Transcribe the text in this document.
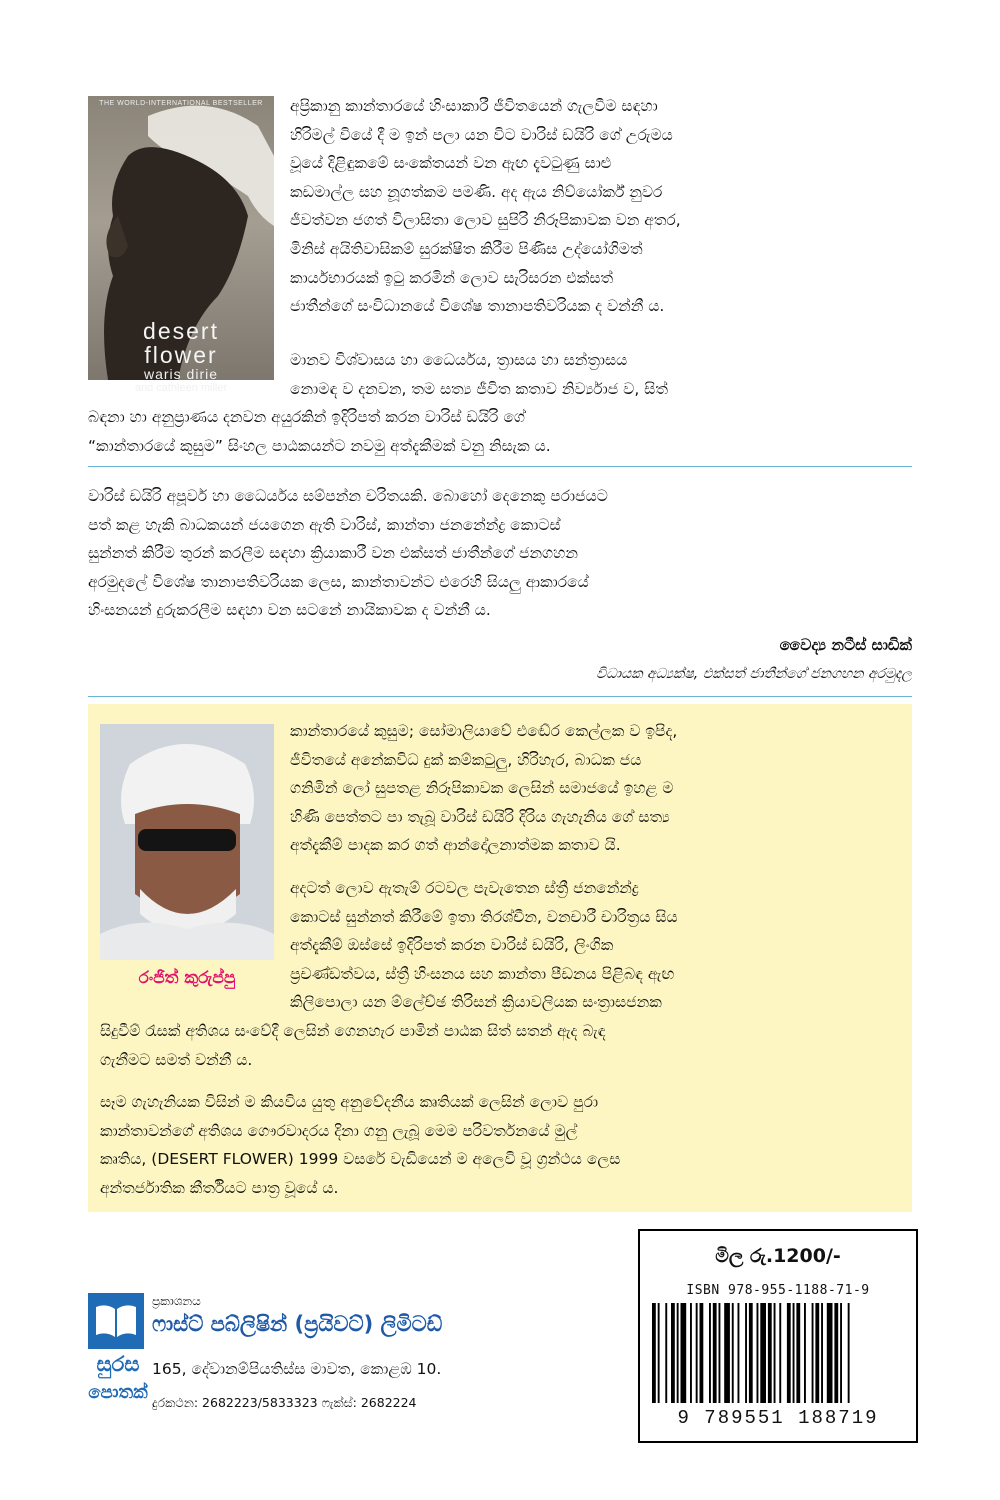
THE WORLD-INTERNATIONAL BESTSELLER
desert
flower
waris dirie
and cathleen miller
අප්‍රිකානු කාන්තාරයේ හිංසාකාරී ජීවිතයෙන් ගැලවීම සඳහා
හිරිමල් වියේ දී ම ඉන් පලා යන විට වාරිස් ඩයිරි ගේ උරුමය
වූයේ දිළිඳුකමේ සංකේතයන් වන ඇඟ දැවටුණු සාළු
කඩමාල්ල සහ නූගත්කම පමණි. අද ඇය නිව්යෝර්ක් නුවර
ජීවත්වන ජගත් විලාසිතා ලොව සුපිරි නිරූපිකාවක වන අතර,
මිනිස් අයිතිවාසිකම් සුරක්ෂිත කිරීම පිණිස උද්යෝගිමත්
කාර්යභාරයක් ඉටු කරමින් ලොව සැරිසරන එක්සත්
ජාතීන්ගේ සංවිධානයේ විශේෂ තානාපතිවරියක ද වන්නී ය.
මානව විශ්වාසය හා ධෛර්යය, ත්‍රාසය හා සන්ත්‍රාසය
නොමඳ ව දනවන, තම සත්‍ය ජීවිත කතාව නිර්ව්‍යාජ ව, සිත්
බඳනා හා අනුප්‍රාණය දනවන අයුරකින් ඉදිරිපත් කරන වාරිස් ඩයිරි ගේ
“කාන්තාරයේ කුසුම” සිංහල පාඨකයන්ට නවමු අත්දැකීමක් වනු නිසැක ය.
වාරිස් ඩයිරි අපූර්ව හා ධෛර්යය සම්පන්න චරිතයකි. බොහෝ දෙනෙකු පරාජයට
පත් කළ හැකි බාධකයන් ජයගෙන ඇති වාරිස්, කාන්තා ජනනේන්ද්‍ර කොටස්
සුන්නත් කිරීම තුරන් කරලීම සඳහා ක්‍රියාකාරී වන එක්සත් ජාතීන්ගේ ජනගහන
අරමුදලේ විශේෂ තානාපතිවරියක ලෙස, කාන්තාවන්ට එරෙහි සියලු ආකාරයේ
හිංසනයන් දුරුකරලීම සඳහා වන සටනේ නායිකාවක ද වන්නී ය.
වෛද්‍ය නටීස් සාඩික්
විධායක අධ්‍යක්ෂ, එක්සත් ජාතීන්ගේ ජනගහන අරමුදල
රංජිත් කුරුප්පු
කාන්තාරයේ කුසුම; සෝමාලියාවේ එඬේර කෙල්ලක ව ඉපිද,
ජීවිතයේ අනේකවිධ දුක් කම්කටුලු, හිරිහැර, බාධක ජය
ගනිමින් ලෝ සුපතළ නිරූපිකාවක ලෙසින් සමාජයේ ඉහළ ම
හිණි පෙත්තට පා තැබූ වාරිස් ඩයිරි දිරිය ගැහැනිය ගේ සත්‍ය
අත්දැකීම් පාදක කර ගත් ආන්දෝලනාත්මක කතාව යි.
අදටත් ලොව ඇතැම් රටවල පැවැතෙන ස්ත්‍රී ජනනේන්ද්‍ර
කොටස් සුන්නත් කිරීමේ ඉතා තිරශ්චීන, වනචාරී චාරිත්‍රය සිය
අත්දැකීම් ඔස්සේ ඉදිරිපත් කරන වාරිස් ඩයිරි, ලිංගික
ප්‍රචණ්ඩත්වය, ස්ත්‍රී හිංසනය සහ කාන්තා පීඩනය පිළිබඳ ඇඟ
කිලිපොලා යන ම්ලේච්ඡ තිරිසන් ක්‍රියාවලියක සංත්‍රාසජනක
සිදුවීම් රැසක් අතිශය සංවේදී ලෙසින් ගෙනහැර පාමින් පාඨක සිත් සතන් ඇද බැඳ
ගැනීමට සමත් වන්නී ය.
සෑම ගැහැනියක විසින් ම කියවිය යුතු අනුවේදනීය කෘතියක් ලෙසින් ලොව පුරා
කාන්තාවන්ගේ අතිශය ගෞරවාදරය දිනා ගනු ලැබූ මෙම පරිවර්තනයේ මුල්
කෘතිය, (DESERT FLOWER) 1999 වසරේ වැඩියෙන් ම අලෙවි වූ ග්‍රන්ථය ලෙස
අන්තර්ජාතික කීර්තියට පාත්‍ර වූයේ ය.
මිල රු.1200/-
ISBN 978-955-1188-71-9
9 789551 188719
සුරස
පොතක්
ප්‍රකාශනය
ෆාස්ට් පබ්ලිෂින් (ප්‍රයිවට්) ලිමිටඩ්
165, දේවානම්පියතිස්ස මාවත, කොළඹ 10.
දුරකථන: 2682223/5833323 ෆැක්ස්: 2682224
